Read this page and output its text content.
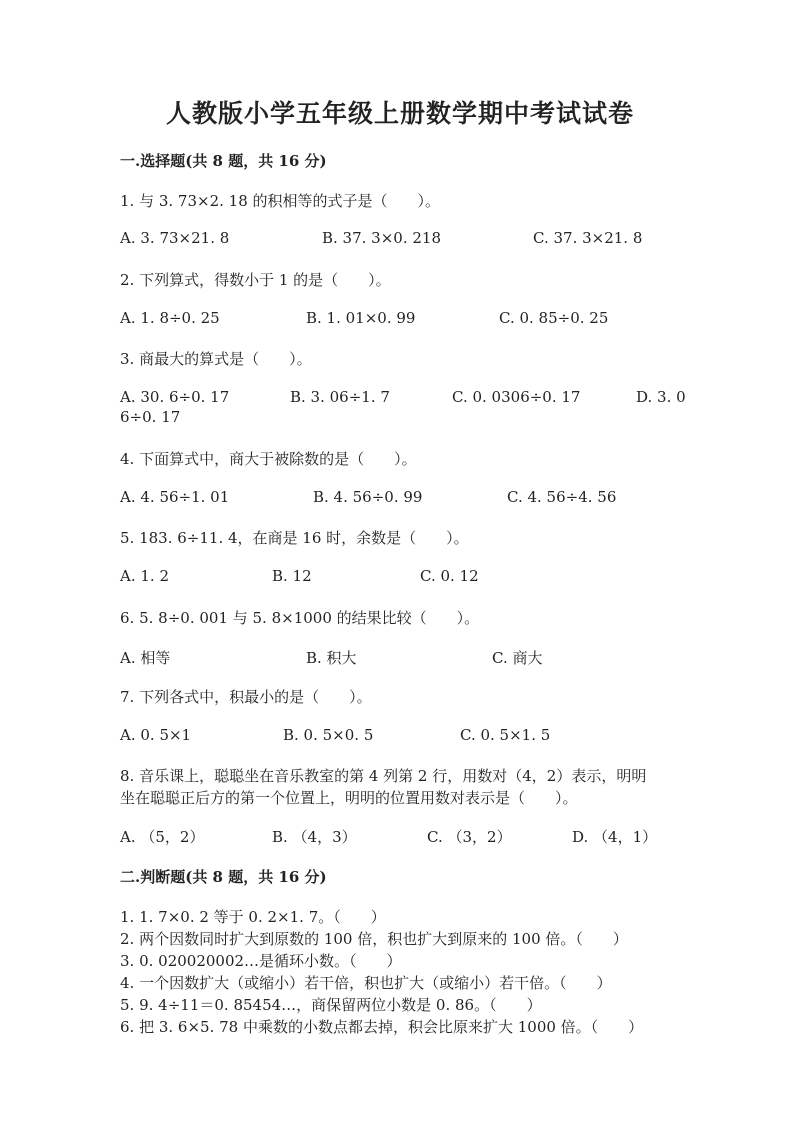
人教版小学五年级上册数学期中考试试卷
一.选择题(共 8 题，共 16 分)
1. 与 3. 73×2. 18 的积相等的式子是（　　）。
A. 3. 73×21. 8	B. 37. 3×0. 218	C. 37. 3×21. 8
2. 下列算式，得数小于 1 的是（　　）。
A. 1. 8÷0. 25	B. 1. 01×0. 99	C. 0. 85÷0. 25
3. 商最大的算式是（　　）。
A. 30. 6÷0. 17	B. 3. 06÷1. 7	C. 0. 0306÷0. 17	D. 3. 0
6÷0. 17
4. 下面算式中，商大于被除数的是（　　）。
A. 4. 56÷1. 01	B. 4. 56÷0. 99	C. 4. 56÷4. 56
5. 183. 6÷11. 4，在商是 16 时，余数是（　　）。
A. 1. 2	B. 12	C. 0. 12
6. 5. 8÷0. 001 与 5. 8×1000 的结果比较（　　）。
A. 相等	B. 积大	C. 商大
7. 下列各式中，积最小的是（　　）。
A. 0. 5×1	B. 0. 5×0. 5	C. 0. 5×1. 5
8. 音乐课上，聪聪坐在音乐教室的第 4 列第 2 行，用数对（4，2）表示，明明
坐在聪聪正后方的第一个位置上，明明的位置用数对表示是（　　）。
A. （5，2）	B. （4，3）	C. （3，2）	D. （4，1）
二.判断题(共 8 题，共 16 分)
1. 1. 7×0. 2 等于 0. 2×1. 7。（　　）
2. 两个因数同时扩大到原数的 100 倍，积也扩大到原来的 100 倍。（　　）
3. 0. 020020002…是循环小数。（　　）
4. 一个因数扩大（或缩小）若干倍，积也扩大（或缩小）若干倍。（　　）
5. 9. 4÷11＝0. 85454…，商保留两位小数是 0. 86。（　　）
6. 把 3. 6×5. 78 中乘数的小数点都去掉，积会比原来扩大 1000 倍。（　　）
